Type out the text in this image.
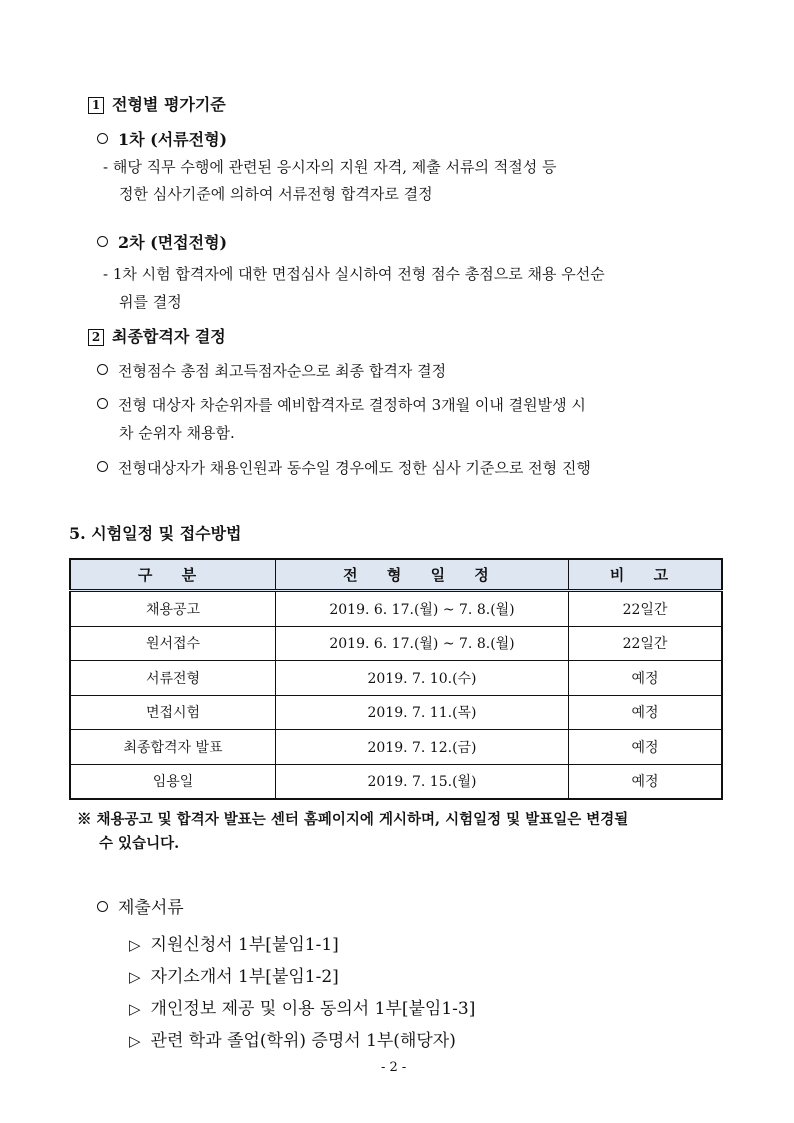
1 전형별 평가기준
1차 (서류전형)
- 해당 직무 수행에 관련된 응시자의 지원 자격, 제출 서류의 적절성 등
정한 심사기준에 의하여 서류전형 합격자로 결정
2차 (면접전형)
- 1차 시험 합격자에 대한 면접심사 실시하여 전형 점수 총점으로 채용 우선순
위를 결정
2 최종합격자 결정
전형점수 총점 최고득점자순으로 최종 합격자 결정
전형 대상자 차순위자를 예비합격자로 결정하여 3개월 이내 결원발생 시
차 순위자 채용함.
전형대상자가 채용인원과 동수일 경우에도 정한 심사 기준으로 전형 진행
5. 시험일정 및 접수방법
구 분	전 형 일 정	비 고
채용공고	2019. 6. 17.(월) ~ 7. 8.(월)	22일간
원서접수	2019. 6. 17.(월) ~ 7. 8.(월)	22일간
서류전형	2019. 7. 10.(수)	예정
면접시험	2019. 7. 11.(목)	예정
최종합격자 발표	2019. 7. 12.(금)	예정
임용일	2019. 7. 15.(월)	예정
※ 채용공고 및 합격자 발표는 센터 홈페이지에 게시하며, 시험일정 및 발표일은 변경될
수 있습니다.
제출서류
▷ 지원신청서 1부[붙임1-1]
▷ 자기소개서 1부[붙임1-2]
▷ 개인정보 제공 및 이용 동의서 1부[붙임1-3]
▷ 관련 학과 졸업(학위) 증명서 1부(해당자)
- 2 -
